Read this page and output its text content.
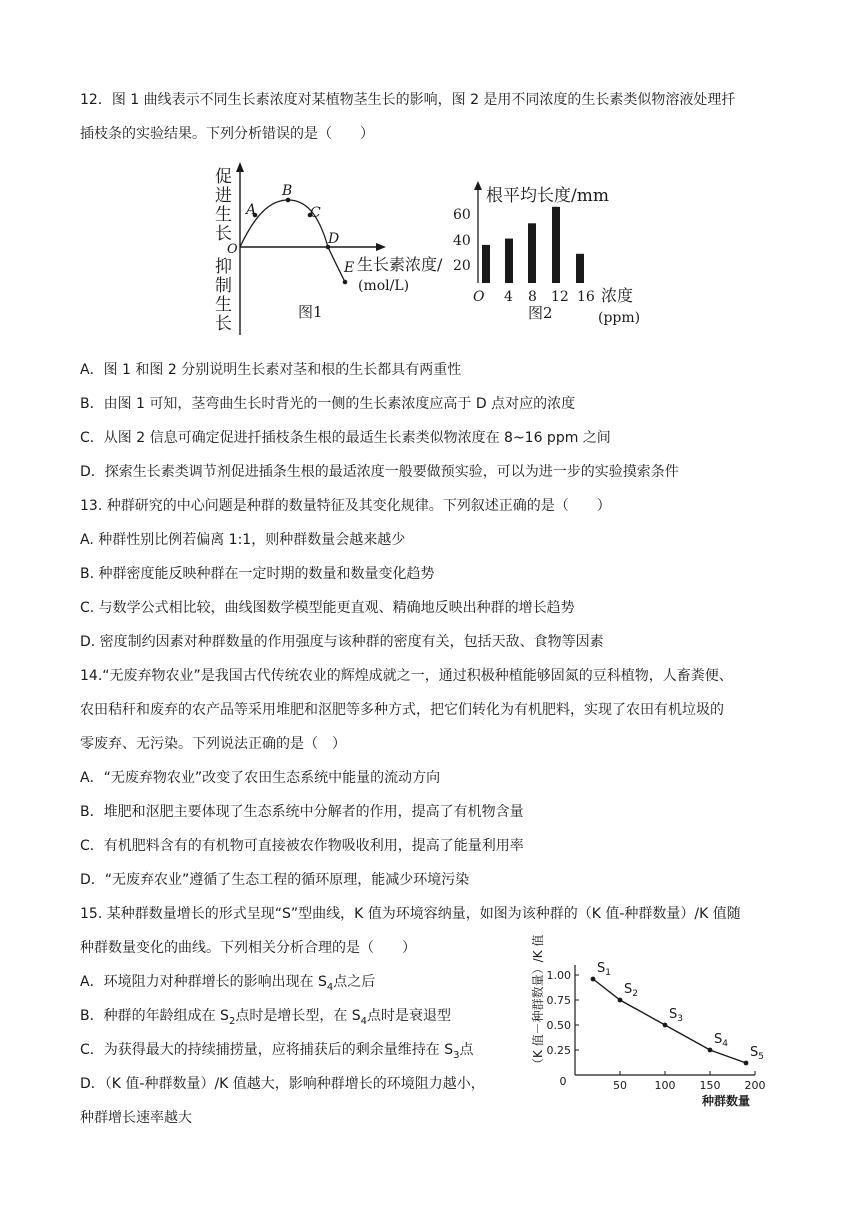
12．图 1 曲线表示不同生长素浓度对某植物茎生长的影响，图 2 是用不同浓度的生长素类似物溶液处理扦
插枝条的实验结果。下列分析错误的是（　　）
促进生长
抑制生长
O
A
B
C
D
E 生长素浓度/
(mol/L)
图1
根平均长度/mm
60
40
20
O 4 8 12 16 浓度
(ppm)
图2
A．图 1 和图 2 分别说明生长素对茎和根的生长都具有两重性
B．由图 1 可知，茎弯曲生长时背光的一侧的生长素浓度应高于 D 点对应的浓度
C．从图 2 信息可确定促进扦插枝条生根的最适生长素类似物浓度在 8~16 ppm 之间
D．探索生长素类调节剂促进插条生根的最适浓度一般要做预实验，可以为进一步的实验摸索条件
13. 种群研究的中心问题是种群的数量特征及其变化规律。下列叙述正确的是（　　）
A. 种群性别比例若偏离 1:1，则种群数量会越来越少
B. 种群密度能反映种群在一定时期的数量和数量变化趋势
C. 与数学公式相比较，曲线图数学模型能更直观、精确地反映出种群的增长趋势
D. 密度制约因素对种群数量的作用强度与该种群的密度有关，包括天敌、食物等因素
14.“无废弃物农业”是我国古代传统农业的辉煌成就之一，通过积极种植能够固氮的豆科植物，人畜粪便、
农田秸秆和废弃的农产品等采用堆肥和沤肥等多种方式，把它们转化为有机肥料，实现了农田有机垃圾的
零废弃、无污染。下列说法正确的是（　）
A．“无废弃物农业”改变了农田生态系统中能量的流动方向
B．堆肥和沤肥主要体现了生态系统中分解者的作用，提高了有机物含量
C．有机肥料含有的有机物可直接被农作物吸收利用，提高了能量利用率
D．“无废弃农业”遵循了生态工程的循环原理，能减少环境污染
15. 某种群数量增长的形式呈现“S”型曲线，K 值为环境容纳量，如图为该种群的（K 值-种群数量）/K 值随
种群数量变化的曲线。下列相关分析合理的是（　　）
A．环境阻力对种群增长的影响出现在 $S_4$点之后
B．种群的年龄组成在 $S_2$点时是增长型，在 $S_4$点时是衰退型
C．为获得最大的持续捕捞量，应将捕获后的剩余量维持在 $S_3$点
D．（K 值-种群数量）/K 值越大，影响种群增长的环境阻力越小，
种群增长速率越大
（K 值－种群数量）/K 值
0	50	100 150 200
1.00
0.75
0.50
0.25
$S_1$
$S_2$
$S_3$
$S_4$
$S_5$
种群数量
